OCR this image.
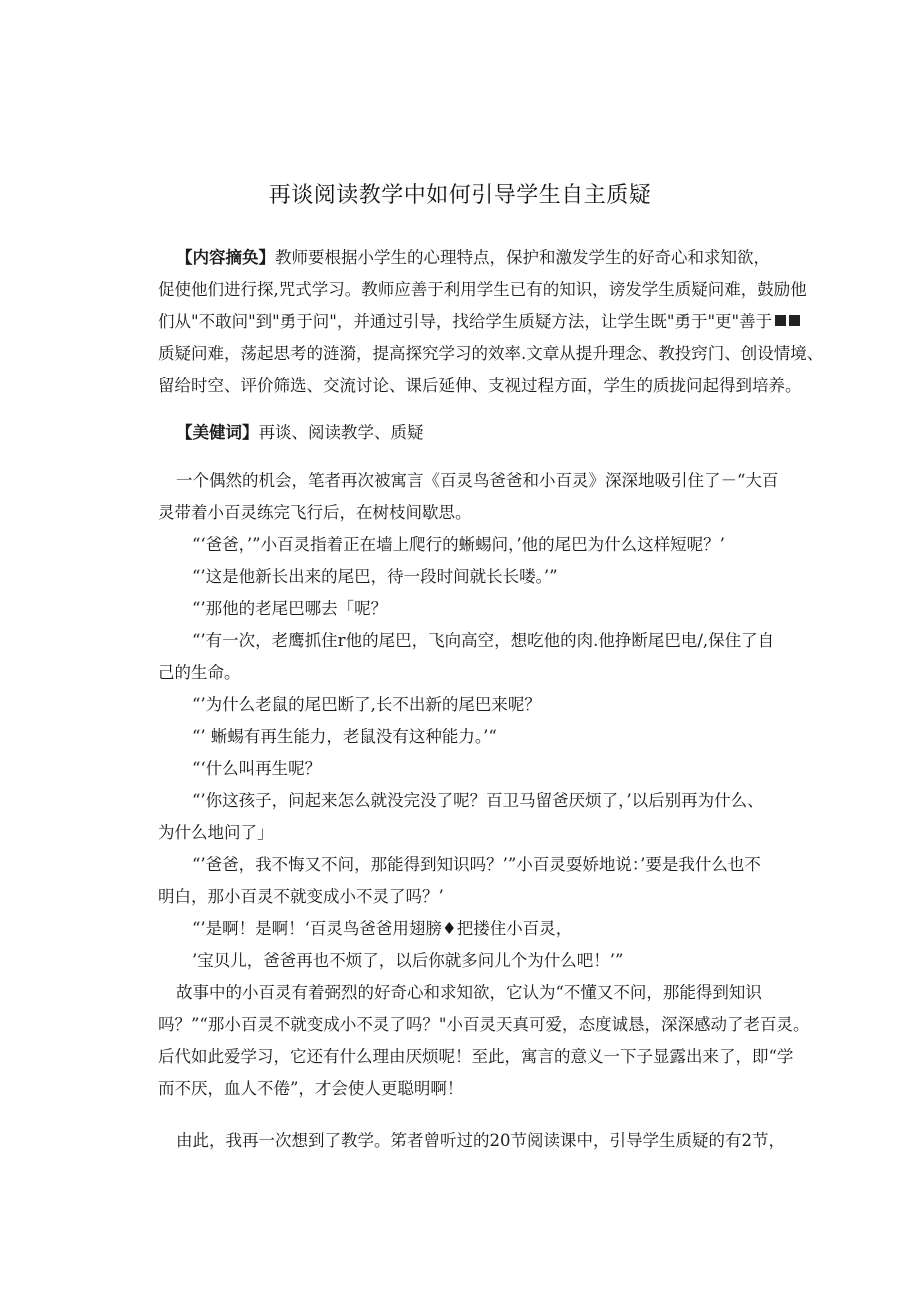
再谈阅读教学中如何引导学生自主质疑
【内容摘奂】教师要根据小学生的心理特点，保护和激发学生的好奇心和求知欲，
促使他们进行探,咒式学习。教师应善于利用学生已有的知识，谤发学生质疑问难，鼓励他
们从"不敢问"到"勇于问"，并通过引导，找给学生质疑方法，让学生既"勇于"更"善于
质疑问难，荡起思考的涟漪，提高探究学习的效率.文章从提升理念、教投窍门、创设情境、
留给时空、评价筛选、交流讨论、课后延伸、支视过程方面，学生的质拢问起得到培养。
【美健词】再谈、阅读教学、质疑
一个偶然的机会，笔者再次被寓言《百灵鸟爸爸和小百灵》深深地吸引住了－“大百
灵带着小百灵练完飞行后，在树枝间歇思。
“‘爸爸，’”小百灵指着正在墙上爬行的蜥蜴问，’他的尾巴为什么这样短呢？’
“’这是他新长出来的尾巴，待一段时间就长长喽。’”
“’那他的老尾巴哪去「呢？
“’有一次，老鹰抓住r他的尾巴，飞向高空，想吃他的肉.他挣断尾巴电/,保住了自
己的生命。
“’为什么老鼠的尾巴断了,长不出新的尾巴来呢？
“’ 蜥蜴有再生能力，老鼠没有这种能力。’“
“‘什么叫再生呢？
“’你这孩子，问起来怎么就没完没了呢？百卫马留爸厌烦了，’以后别再为什么、
为什么地问了」
“’爸爸，我不悔又不问，那能得到知识吗？’”小百灵耍娇地说：’要是我什么也不
明白，那小百灵不就变成小不灵了吗？’
“’是啊！是啊！‘百灵鸟爸爸用翅膀♦把搂住小百灵，
’宝贝儿，爸爸再也不烦了，以后你就多问儿个为什么吧！’”
故事中的小百灵有着弼烈的好奇心和求知欲，它认为“不懂又不问，那能得到知识
吗？”“那小百灵不就变成小不灵了吗？"小百灵天真可爱，态度诚恳，深深感动了老百灵。
后代如此爱学习，它还有什么理由厌烦呢！至此，寓言的意义一下子显露出来了，即“学
而不厌，血人不倦”，才会使人更聪明啊！
由此，我再一次想到了教学。笫者曾听过的20节阅读课中，引导学生质疑的有2节，
